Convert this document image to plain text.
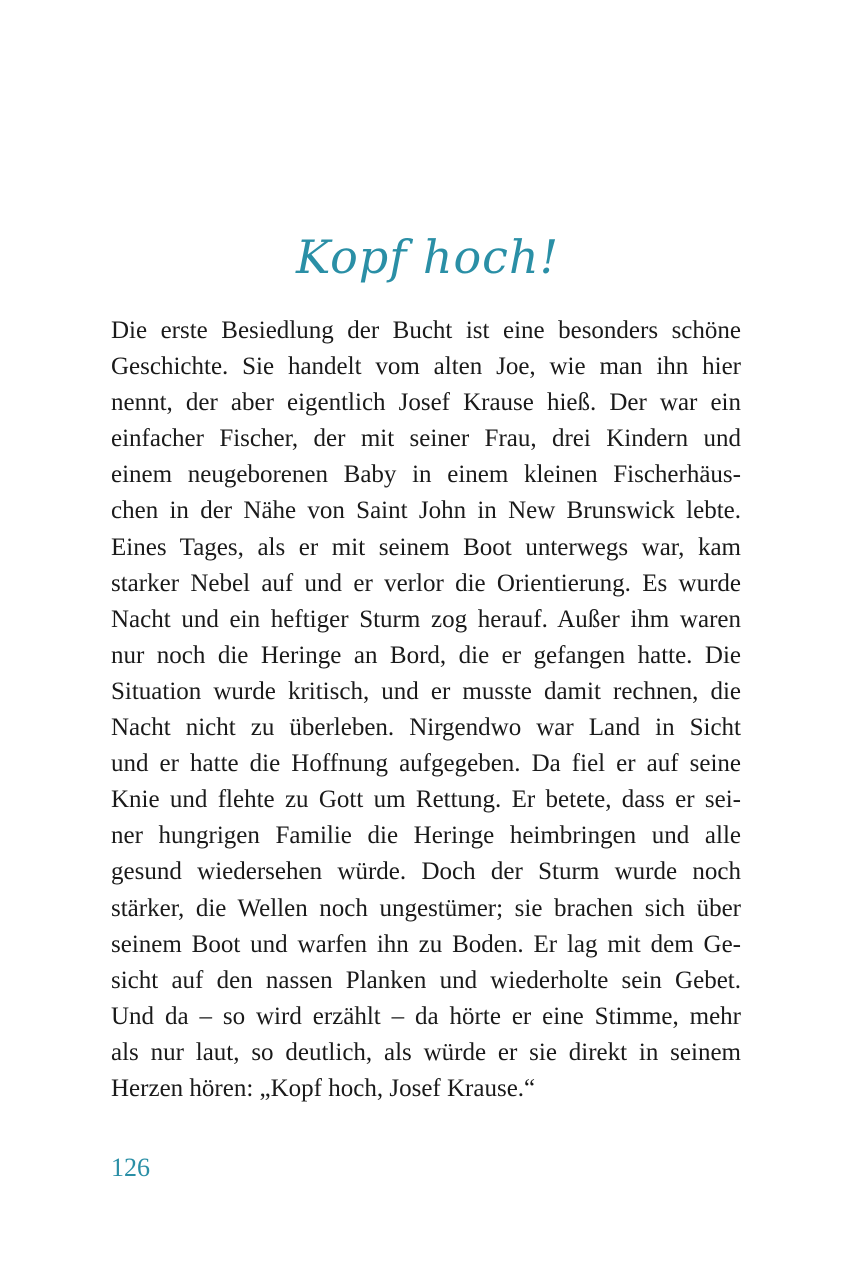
Kopf hoch!
Die erste Besiedlung der Bucht ist eine besonders schöne
Geschichte. Sie handelt vom alten Joe, wie man ihn hier
nennt, der aber eigentlich Josef Krause hieß. Der war ein
einfacher Fischer, der mit seiner Frau, drei Kindern und
einem neugeborenen Baby in einem kleinen Fischerhäus-
chen in der Nähe von Saint John in New Brunswick lebte.
Eines Tages, als er mit seinem Boot unterwegs war, kam
starker Nebel auf und er verlor die Orientierung. Es wurde
Nacht und ein heftiger Sturm zog herauf. Außer ihm waren
nur noch die Heringe an Bord, die er gefangen hatte. Die
Situation wurde kritisch, und er musste damit rechnen, die
Nacht nicht zu überleben. Nirgendwo war Land in Sicht
und er hatte die Hoffnung aufgegeben. Da fiel er auf seine
Knie und flehte zu Gott um Rettung. Er betete, dass er sei-
ner hungrigen Familie die Heringe heimbringen und alle
gesund wiedersehen würde. Doch der Sturm wurde noch
stärker, die Wellen noch ungestümer; sie brachen sich über
seinem Boot und warfen ihn zu Boden. Er lag mit dem Ge-
sicht auf den nassen Planken und wiederholte sein Gebet.
Und da – so wird erzählt – da hörte er eine Stimme, mehr
als nur laut, so deutlich, als würde er sie direkt in seinem
Herzen hören: „Kopf hoch, Josef Krause.“
126
